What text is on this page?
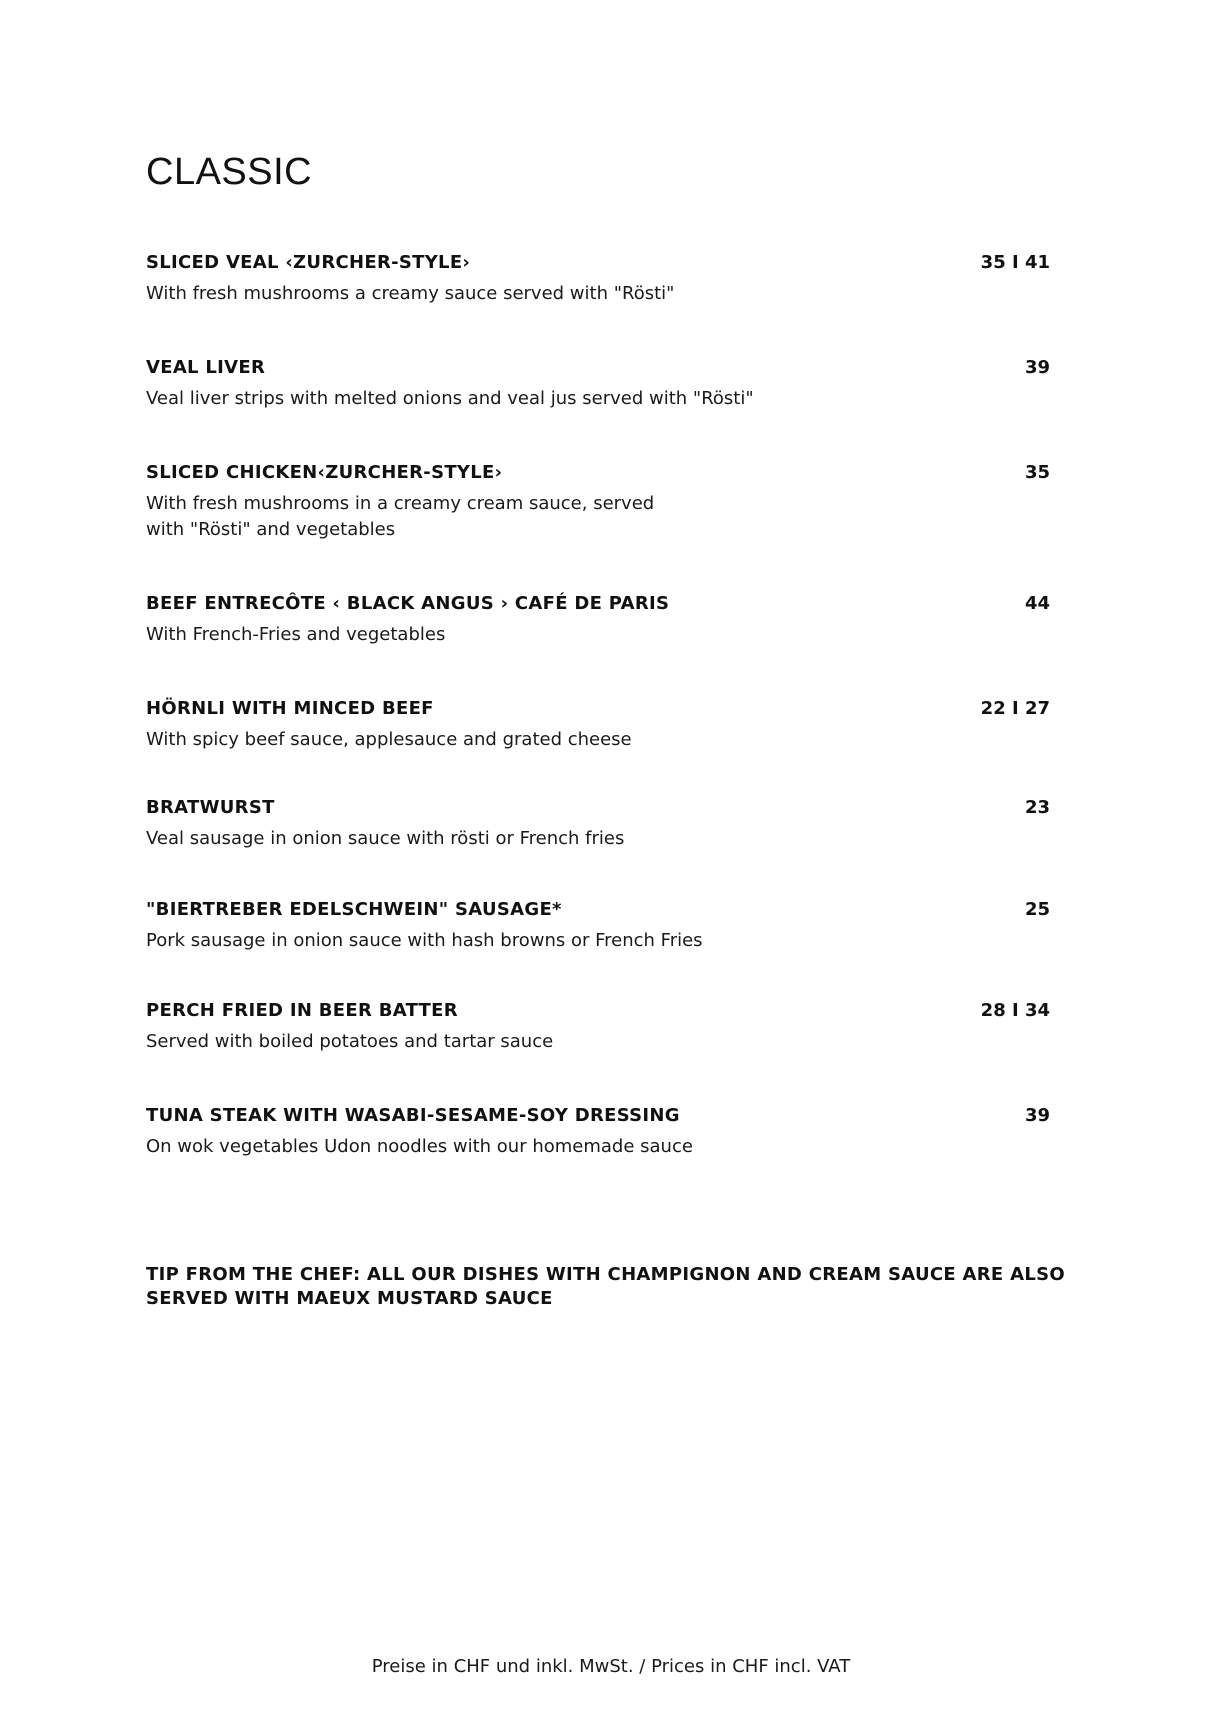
CLASSIC
SLICED VEAL ‹ZURCHER-STYLE›	35 I 41
With fresh mushrooms a creamy sauce served with "Rösti"
VEAL LIVER	39
Veal liver strips with melted onions and veal jus served with "Rösti"
SLICED CHICKEN‹ZURCHER-STYLE›	35
With fresh mushrooms in a creamy cream sauce, served
with "Rösti" and vegetables
BEEF ENTRECÔTE ‹ BLACK ANGUS › CAFÉ DE PARIS	44
With French-Fries and vegetables
HÖRNLI WITH MINCED BEEF	22 I 27
With spicy beef sauce, applesauce and grated cheese
BRATWURST	23
Veal sausage in onion sauce with rösti or French fries
"BIERTREBER EDELSCHWEIN" SAUSAGE*	25
Pork sausage in onion sauce with hash browns or French Fries
PERCH FRIED IN BEER BATTER	28 I 34
Served with boiled potatoes and tartar sauce
TUNA STEAK WITH WASABI-SESAME-SOY DRESSING	39
On wok vegetables Udon noodles with our homemade sauce
TIP FROM THE CHEF: ALL OUR DISHES WITH CHAMPIGNON AND CREAM SAUCE ARE ALSO SERVED WITH MAEUX MUSTARD SAUCE
Preise in CHF und inkl. MwSt. / Prices in CHF incl. VAT
